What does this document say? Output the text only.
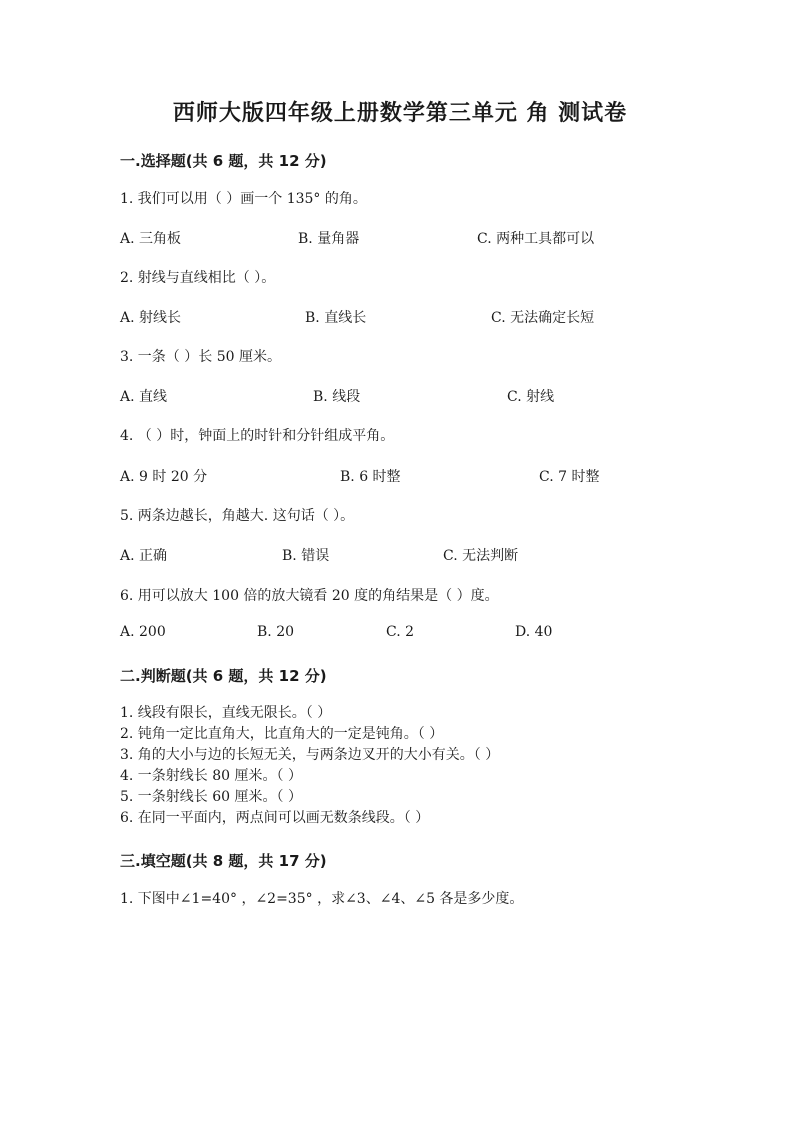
西师大版四年级上册数学第三单元 角 测试卷
一.选择题(共 6 题，共 12 分)
1. 我们可以用（ ）画一个 135° 的角。
A. 三角板	B. 量角器	C. 两种工具都可以
2. 射线与直线相比（ ）。
A. 射线长	B. 直线长	C. 无法确定长短
3. 一条（ ）长 50 厘米。
A. 直线	B. 线段	C. 射线
4. （ ）时，钟面上的时针和分针组成平角。
A. 9 时 20 分	B. 6 时整	C. 7 时整
5. 两条边越长，角越大. 这句话（ ）。
A. 正确	B. 错误	C. 无法判断
6. 用可以放大 100 倍的放大镜看 20 度的角结果是（ ）度。
A. 200	B. 20	C. 2	D. 40
二.判断题(共 6 题，共 12 分)
1. 线段有限长，直线无限长。（ ）
2. 钝角一定比直角大，比直角大的一定是钝角。（ ）
3. 角的大小与边的长短无关，与两条边叉开的大小有关。（ ）
4. 一条射线长 80 厘米。（ ）
5. 一条射线长 60 厘米。（ ）
6. 在同一平面内，两点间可以画无数条线段。（ ）
三.填空题(共 8 题，共 17 分)
1. 下图中∠1=40° ，∠2=35° ，求∠3、∠4、∠5 各是多少度。
